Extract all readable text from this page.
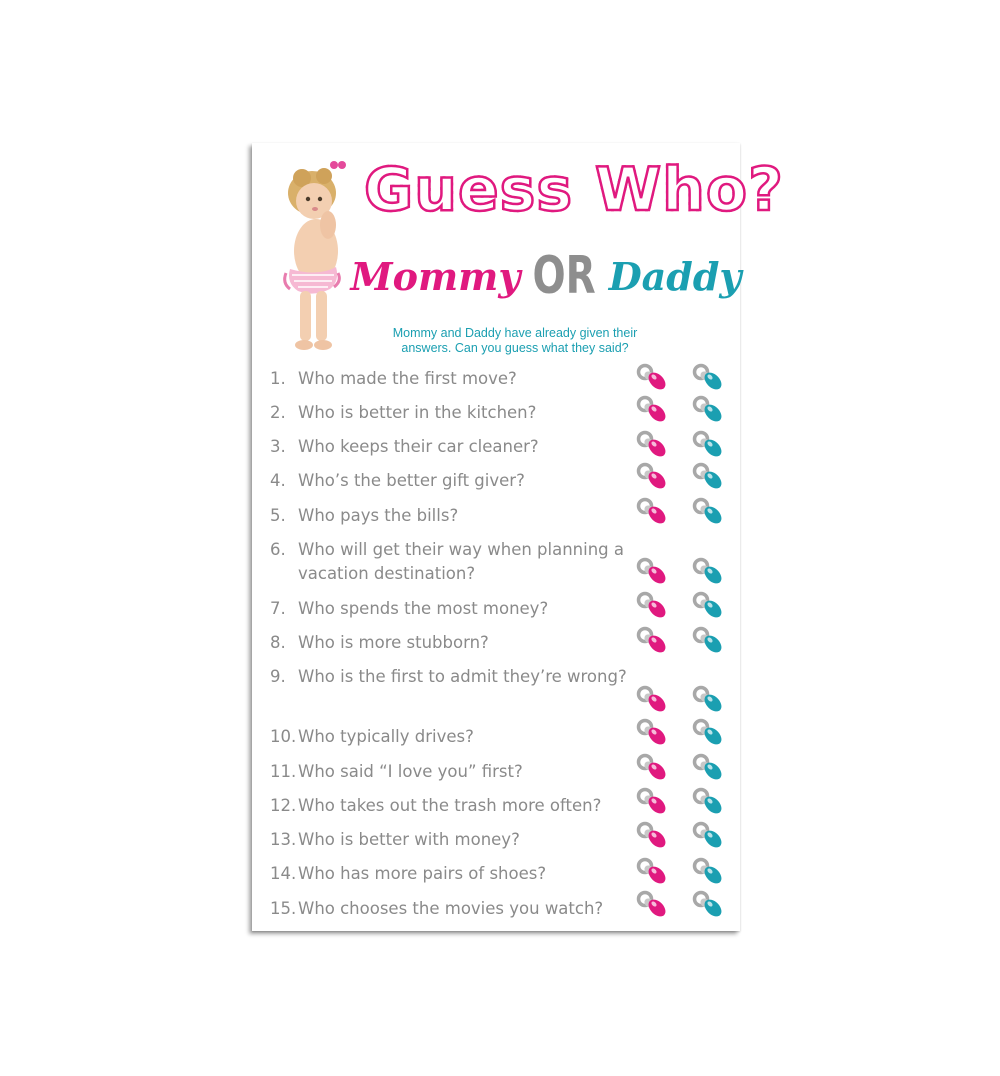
Guess Who?
Mommy OR Daddy
Mommy and Daddy have already given their answers. Can you guess what they said?
1. Who made the first move?
2. Who is better in the kitchen?
3. Who keeps their car cleaner?
4. Who’s the better gift giver?
5. Who pays the bills?
6. Who will get their way when planning a vacation destination?
7. Who spends the most money?
8. Who is more stubborn?
9. Who is the first to admit they’re wrong?
10. Who typically drives?
11. Who said “I love you” first?
12. Who takes out the trash more often?
13. Who is better with money?
14. Who has more pairs of shoes?
15. Who chooses the movies you watch?
